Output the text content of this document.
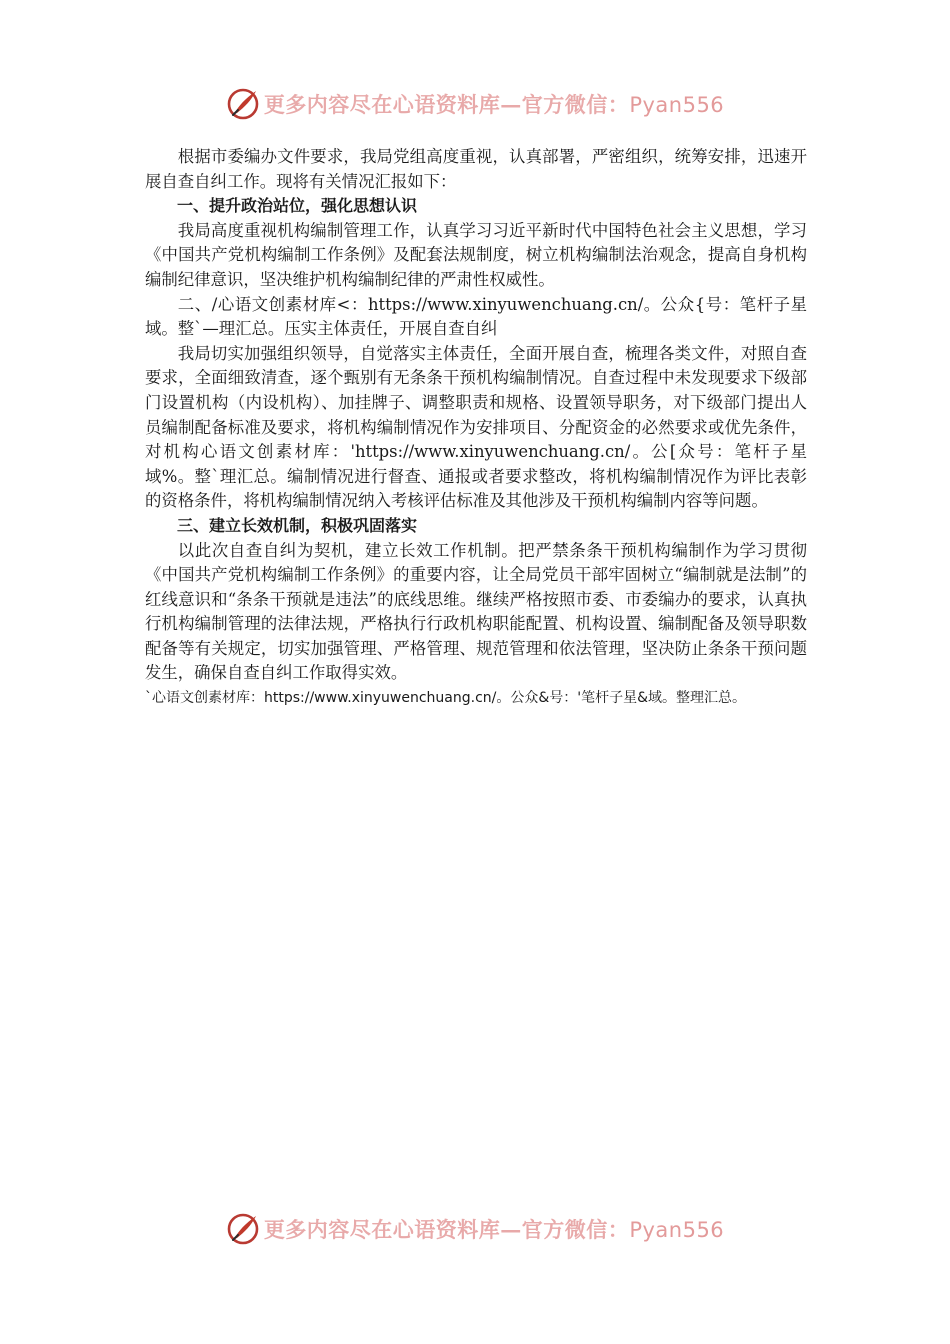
更多内容尽在心语资料库—官方微信：Pyan556

根据市委编办文件要求，我局党组高度重视，认真部署，严密组织，统筹安排，迅速开展自查自纠工作。现将有关情况汇报如下：

一、提升政治站位，强化思想认识

我局高度重视机构编制管理工作，认真学习习近平新时代中国特色社会主义思想，学习《中国共产党机构编制工作条例》及配套法规制度，树立机构编制法治观念，提高自身机构编制纪律意识，坚决维护机构编制纪律的严肃性权威性。

二、/心语文创素材库<：https://www.xinyuwenchuang.cn/。公众{号：笔杆子星域。整`—理汇总。压实主体责任，开展自查自纠

我局切实加强组织领导，自觉落实主体责任，全面开展自查，梳理各类文件，对照自查要求，全面细致清查，逐个甄别有无条条干预机构编制情况。自查过程中未发现要求下级部门设置机构（内设机构）、加挂牌子、调整职责和规格、设置领导职务，对下级部门提出人员编制配备标准及要求，将机构编制情况作为安排项目、分配资金的必然要求或优先条件，对机构心语文创素材库：'https://www.xinyuwenchuang.cn/。公[众号：笔杆子星域%。整`理汇总。编制情况进行督查、通报或者要求整改，将机构编制情况作为评比表彰的资格条件，将机构编制情况纳入考核评估标准及其他涉及干预机构编制内容等问题。

三、建立长效机制，积极巩固落实

以此次自查自纠为契机，建立长效工作机制。把严禁条条干预机构编制作为学习贯彻《中国共产党机构编制工作条例》的重要内容，让全局党员干部牢固树立“编制就是法制”的红线意识和“条条干预就是违法”的底线思维。继续严格按照市委、市委编办的要求，认真执行机构编制管理的法律法规，严格执行行政机构职能配置、机构设置、编制配备及领导职数配备等有关规定，切实加强管理、严格管理、规范管理和依法管理，坚决防止条条干预问题发生，确保自查自纠工作取得实效。

`心语文创素材库：https://www.xinyuwenchuang.cn/。公众&号：'笔杆子星&域。整理汇总。

更多内容尽在心语资料库—官方微信：Pyan556
